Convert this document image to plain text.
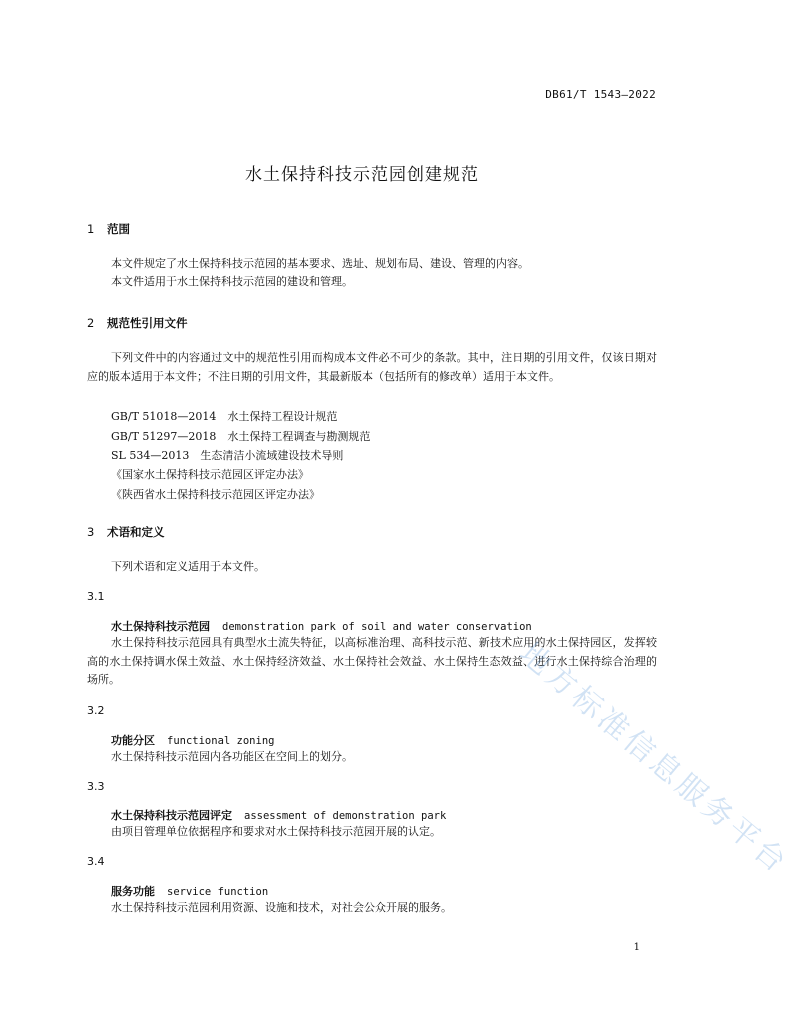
DB61/T 1543—2022
水土保持科技示范园创建规范
1 范围
本文件规定了水土保持科技示范园的基本要求、选址、规划布局、建设、管理的内容。
本文件适用于水土保持科技示范园的建设和管理。
2 规范性引用文件
下列文件中的内容通过文中的规范性引用而构成本文件必不可少的条款。其中，注日期的引用文件，仅该日期对应的版本适用于本文件；不注日期的引用文件，其最新版本（包括所有的修改单）适用于本文件。
GB/T 51018—2014　水土保持工程设计规范
GB/T 51297—2018　水土保持工程调查与勘测规范
SL 534—2013　生态清洁小流域建设技术导则
《国家水土保持科技示范园区评定办法》
《陕西省水土保持科技示范园区评定办法》
3 术语和定义
下列术语和定义适用于本文件。
3.1
水土保持科技示范园 demonstration park of soil and water conservation
水土保持科技示范园具有典型水土流失特征，以高标准治理、高科技示范、新技术应用的水土保持园区，发挥较高的水土保持调水保土效益、水土保持经济效益、水土保持社会效益、水土保持生态效益、进行水土保持综合治理的场所。
3.2
功能分区 functional zoning
水土保持科技示范园内各功能区在空间上的划分。
3.3
水土保持科技示范园评定 assessment of demonstration park
由项目管理单位依据程序和要求对水土保持科技示范园开展的认定。
3.4
服务功能 service function
水土保持科技示范园利用资源、设施和技术，对社会公众开展的服务。
1
地方标准信息服务平台
